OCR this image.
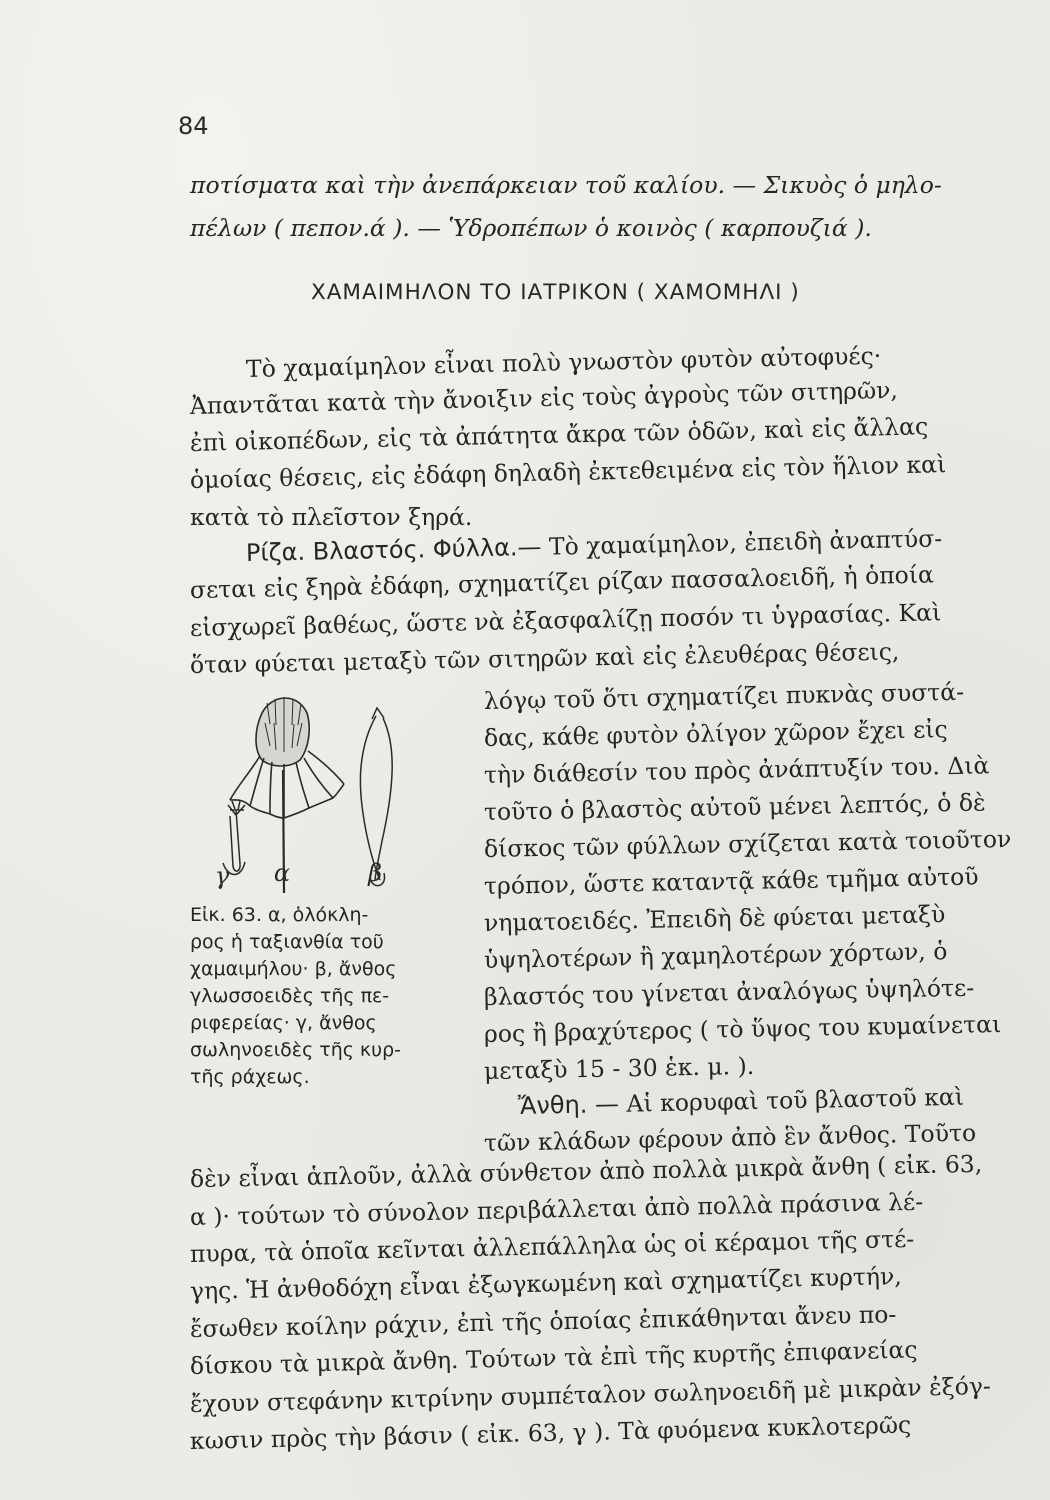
84
ποτίσματα καὶ τὴν ἀνεπάρκειαν τοῦ καλίου. — Σικυὸς ὁ μηλο-
πέλων ( πεπον.ά ). — Ὑδροπέπων ὁ κοινὸς ( καρπουζιά ).
ΧΑΜΑΙΜΗΛΟΝ ΤΟ ΙΑΤΡΙΚΟΝ ( ΧΑΜΟΜΗΛΙ )
Τὸ χαμαίμηλον εἶναι πολὺ γνωστὸν φυτὸν αὐτοφυές·
Ἀπαντᾶται κατὰ τὴν ἄνοιξιν εἰς τοὺς ἀγροὺς τῶν σιτηρῶν,
ἐπὶ οἰκοπέδων, εἰς τὰ ἀπάτητα ἄκρα τῶν ὁδῶν, καὶ εἰς ἄλλας
ὁμοίας θέσεις, εἰς ἐδάφη δηλαδὴ ἐκτεθειμένα εἰς τὸν ἥλιον καὶ
κατὰ τὸ πλεῖστον ξηρά.
Ρίζα. Βλαστός. Φύλλα.— Τὸ χαμαίμηλον, ἐπειδὴ ἀναπτύσ-
σεται εἰς ξηρὰ ἐδάφη, σχηματίζει ρίζαν πασσαλοειδῆ, ἡ ὁποία
εἰσχωρεῖ βαθέως, ὥστε νὰ ἐξασφαλίζῃ ποσόν τι ὑγρασίας. Καὶ
ὅταν φύεται μεταξὺ τῶν σιτηρῶν καὶ εἰς ἐλευθέρας θέσεις,
λόγῳ τοῦ ὅτι σχηματίζει πυκνὰς συστά-
δας, κάθε φυτὸν ὀλίγον χῶρον ἔχει εἰς
τὴν διάθεσίν του πρὸς ἀνάπτυξίν του. Διὰ
τοῦτο ὁ βλαστὸς αὐτοῦ μένει λεπτός, ὁ δὲ
δίσκος τῶν φύλλων σχίζεται κατὰ τοιοῦτον
τρόπον, ὥστε καταντᾷ κάθε τμῆμα αὐτοῦ
νηματοειδές. Ἐπειδὴ δὲ φύεται μεταξὺ
ὑψηλοτέρων ἢ χαμηλοτέρων χόρτων, ὁ
βλαστός του γίνεται ἀναλόγως ὑψηλότε-
ρος ἢ βραχύτερος ( τὸ ὕψος του κυμαίνεται
μεταξὺ 15 - 30 ἑκ. μ. ).
Ἄνθη. — Αἱ κορυφαὶ τοῦ βλαστοῦ καὶ
τῶν κλάδων φέρουν ἀπὸ ἓν ἄνθος. Τοῦτο
δὲν εἶναι ἁπλοῦν, ἀλλὰ σύνθετον ἀπὸ πολλὰ μικρὰ ἄνθη ( εἰκ. 63,
α )· τούτων τὸ σύνολον περιβάλλεται ἀπὸ πολλὰ πράσινα λέ-
πυρα, τὰ ὁποῖα κεῖνται ἀλλεπάλληλα ὡς οἱ κέραμοι τῆς στέ-
γης. Ἡ ἀνθοδόχη εἶναι ἐξωγκωμένη καὶ σχηματίζει κυρτήν,
ἔσωθεν κοίλην ράχιν, ἐπὶ τῆς ὁποίας ἐπικάθηνται ἄνευ πο-
δίσκου τὰ μικρὰ ἄνθη. Τούτων τὰ ἐπὶ τῆς κυρτῆς ἐπιφανείας
ἔχουν στεφάνην κιτρίνην συμπέταλον σωληνοειδῆ μὲ μικρὰν ἐξόγ-
κωσιν πρὸς τὴν βάσιν ( εἰκ. 63, γ ). Τὰ φυόμενα κυκλοτερῶς
α	β
γ
Εἰκ. 63. α, ὁλόκλη-
ρος ἡ ταξιανθία τοῦ
χαμαιμήλου· β, ἄνθος
γλωσσοειδὲς τῆς πε-
ριφερείας· γ, ἄνθος
σωληνοειδὲς τῆς κυρ-
τῆς ράχεως.
